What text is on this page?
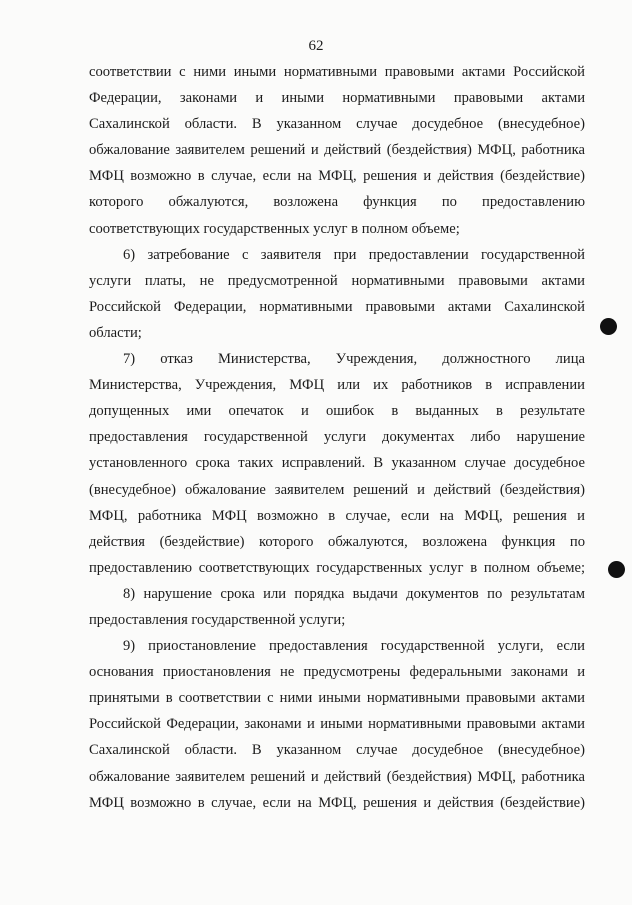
62
соответствии с ними иными нормативными правовыми актами Российской
Федерации, законами и иными нормативными правовыми актами
Сахалинской области. В указанном случае досудебное (внесудебное)
обжалование заявителем решений и действий (бездействия) МФЦ, работника
МФЦ возможно в случае, если на МФЦ, решения и действия (бездействие)
которого обжалуются, возложена функция по предоставлению
соответствующих государственных услуг в полном объеме;
6) затребование с заявителя при предоставлении государственной
услуги платы, не предусмотренной нормативными правовыми актами
Российской Федерации, нормативными правовыми актами Сахалинской
области;
7) отказ Министерства, Учреждения, должностного лица
Министерства, Учреждения, МФЦ или их работников в исправлении
допущенных ими опечаток и ошибок в выданных в результате
предоставления государственной услуги документах либо нарушение
установленного срока таких исправлений. В указанном случае досудебное
(внесудебное) обжалование заявителем решений и действий (бездействия)
МФЦ, работника МФЦ возможно в случае, если на МФЦ, решения и
действия (бездействие) которого обжалуются, возложена функция по
предоставлению соответствующих государственных услуг в полном объеме;
8) нарушение срока или порядка выдачи документов по результатам
предоставления государственной услуги;
9) приостановление предоставления государственной услуги, если
основания приостановления не предусмотрены федеральными законами и
принятыми в соответствии с ними иными нормативными правовыми актами
Российской Федерации, законами и иными нормативными правовыми актами
Сахалинской области. В указанном случае досудебное (внесудебное)
обжалование заявителем решений и действий (бездействия) МФЦ, работника
МФЦ возможно в случае, если на МФЦ, решения и действия (бездействие)
